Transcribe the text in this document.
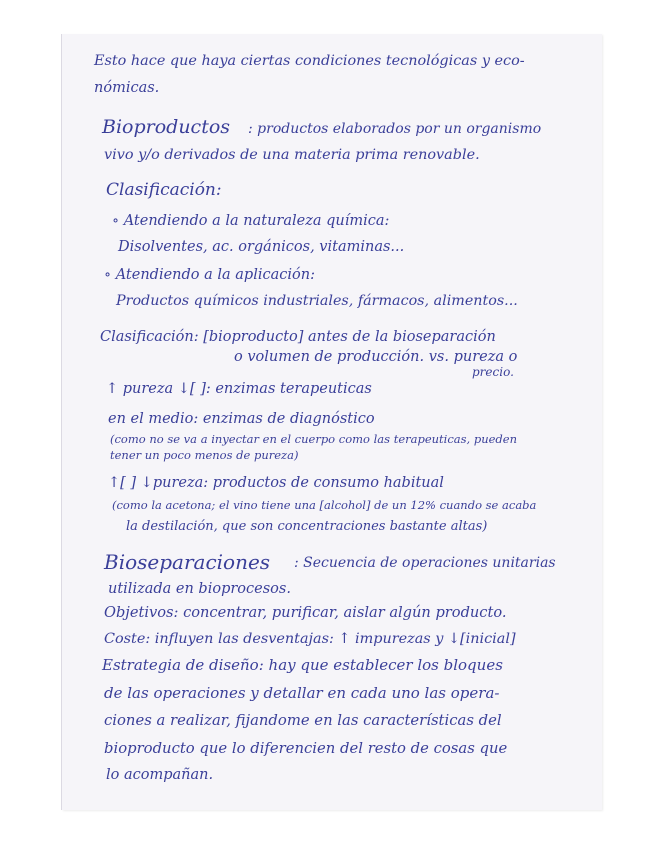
Esto hace que haya ciertas condiciones tecnológicas y eco-
nómicas.
Bioproductos : productos elaborados por un organismo
vivo y/o derivados de una materia prima renovable.
Clasificación:
∘ Atendiendo a la naturaleza química:
Disolventes, ac. orgánicos, vitaminas...
∘ Atendiendo a la aplicación:
Productos químicos industriales, fármacos, alimentos...
Clasificación: [bioproducto] antes de la bioseparación
o volumen de producción. vs. pureza o
precio.
↑ pureza ↓[ ]: enzimas terapeuticas
en el medio: enzimas de diagnóstico
(como no se va a inyectar en el cuerpo como las terapeuticas, pueden
tener un poco menos de pureza)
↑[ ] ↓pureza: productos de consumo habitual
(como la acetona; el vino tiene una [alcohol] de un 12% cuando se acaba
la destilación, que son concentraciones bastante altas)
Bioseparaciones : Secuencia de operaciones unitarias
utilizada en bioprocesos.
Objetivos: concentrar, purificar, aislar algún producto.
Coste: influyen las desventajas: ↑ impurezas y ↓[inicial]
Estrategia de diseño: hay que establecer los bloques
de las operaciones y detallar en cada uno las opera-
ciones a realizar, fijandome en las características del
bioproducto que lo diferencien del resto de cosas que
lo acompañan.
